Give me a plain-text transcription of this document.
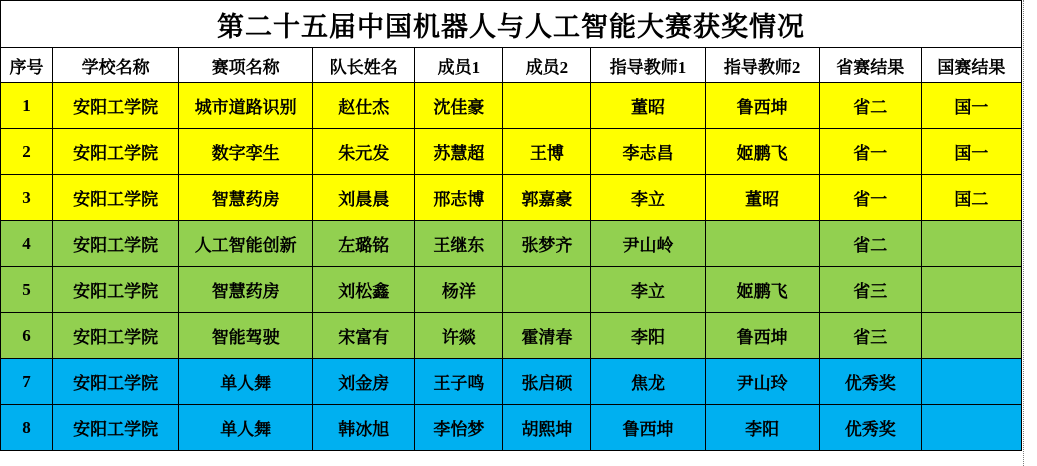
第二十五届中国机器人与人工智能大赛获奖情况									
序号	学校名称	赛项名称	队长姓名	成员1	成员2	指导教师1	指导教师2	省赛结果	国赛结果
1	安阳工学院	城市道路识别	赵仕杰	沈佳豪		董昭	鲁西坤	省二	国一
2	安阳工学院	数字孪生	朱元发	苏慧超	王博	李志昌	姬鹏飞	省一	国一
3	安阳工学院	智慧药房	刘晨晨	邢志博	郭嘉豪	李立	董昭	省一	国二
4	安阳工学院	人工智能创新	左璐铭	王继东	张梦齐	尹山岭		省二	
5	安阳工学院	智慧药房	刘松鑫	杨洋		李立	姬鹏飞	省三	
6	安阳工学院	智能驾驶	宋富有	许燚	霍清春	李阳	鲁西坤	省三	
7	安阳工学院	单人舞	刘金房	王子鸣	张启硕	焦龙	尹山玲	优秀奖	
8	安阳工学院	单人舞	韩冰旭	李怡梦	胡熙坤	鲁西坤	李阳	优秀奖	
